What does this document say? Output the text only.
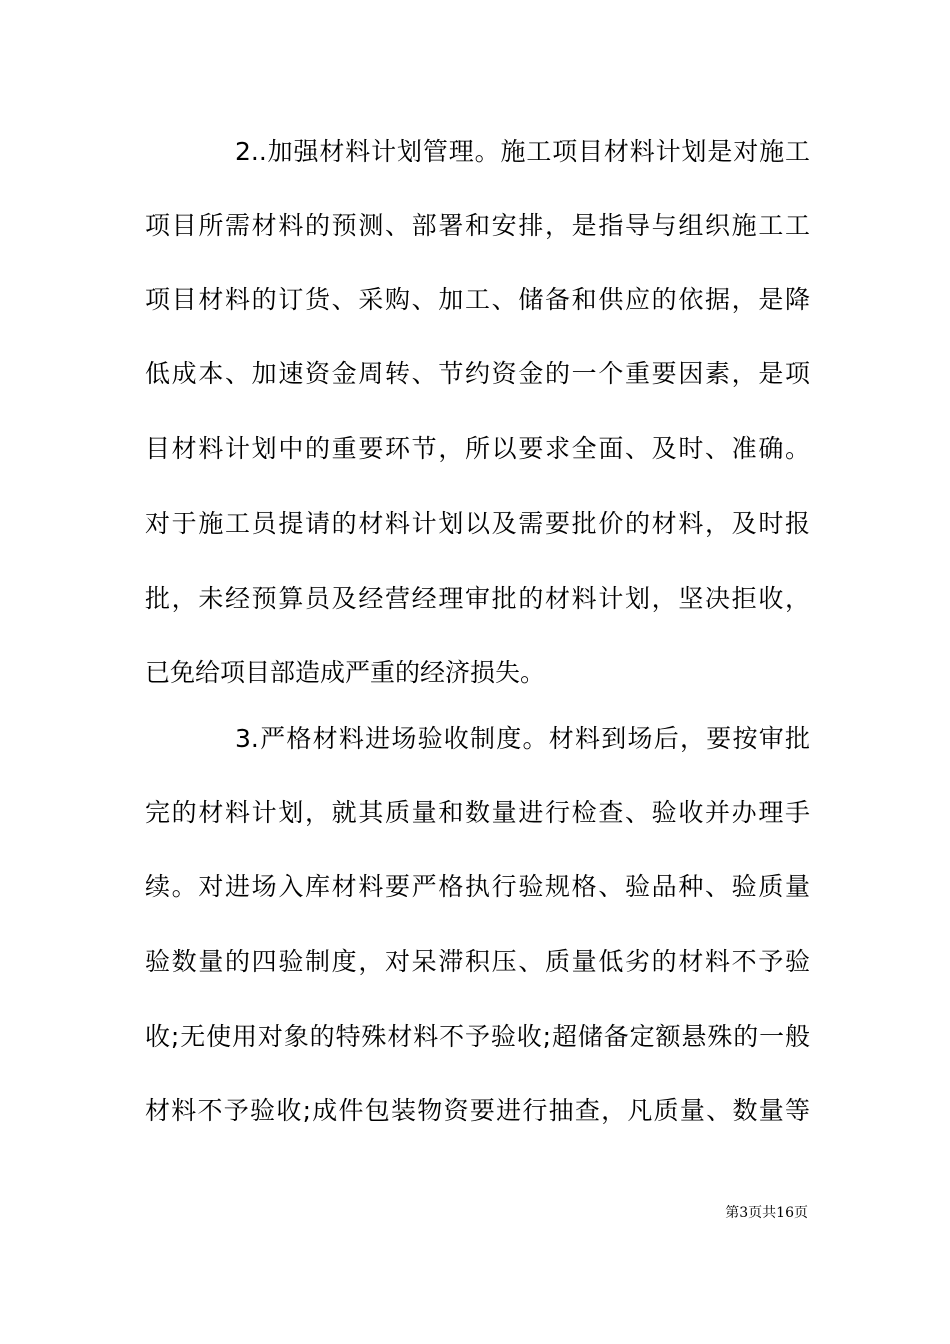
2..加强材料计划管理。施工项目材料计划是对施工
项目所需材料的预测、部署和安排，是指导与组织施工工
项目材料的订货、采购、加工、储备和供应的依据，是降
低成本、加速资金周转、节约资金的一个重要因素，是项
目材料计划中的重要环节，所以要求全面、及时、准确。
对于施工员提请的材料计划以及需要批价的材料，及时报
批，未经预算员及经营经理审批的材料计划，坚决拒收，
已免给项目部造成严重的经济损失。
3.严格材料进场验收制度。材料到场后，要按审批
完的材料计划，就其质量和数量进行检查、验收并办理手
续。对进场入库材料要严格执行验规格、验品种、验质量
验数量的四验制度，对呆滞积压、质量低劣的材料不予验
收;无使用对象的特殊材料不予验收;超储备定额悬殊的一般
材料不予验收;成件包装物资要进行抽查，凡质量、数量等
第3页共16页
